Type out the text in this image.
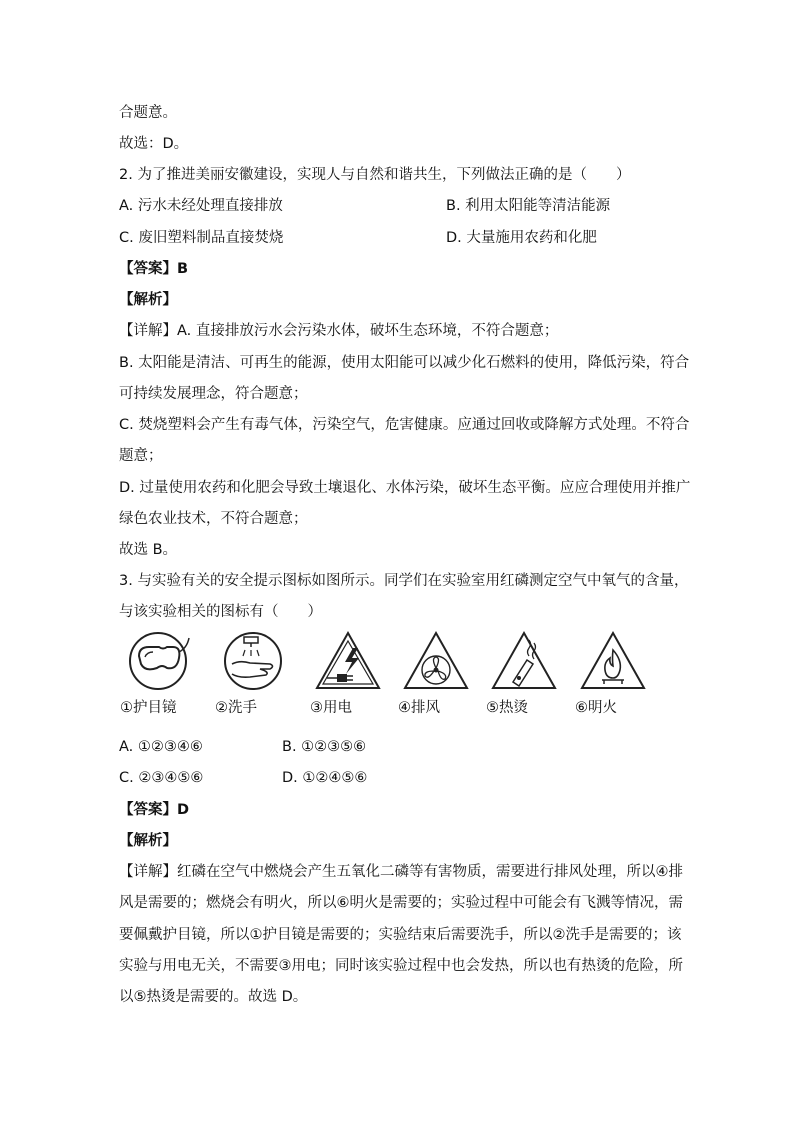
合题意。
故选：D。
2. 为了推进美丽安徽建设，实现人与自然和谐共生，下列做法正确的是（　　）
A. 污水未经处理直接排放	B. 利用太阳能等清洁能源
C. 废旧塑料制品直接焚烧	D. 大量施用农药和化肥
【答案】B
【解析】
【详解】A. 直接排放污水会污染水体，破坏生态环境，不符合题意；
B. 太阳能是清洁、可再生的能源，使用太阳能可以减少化石燃料的使用，降低污染，符合
可持续发展理念，符合题意；
C. 焚烧塑料会产生有毒气体，污染空气，危害健康。应通过回收或降解方式处理。不符合
题意；
D. 过量使用农药和化肥会导致土壤退化、水体污染，破坏生态平衡。应应合理使用并推广
绿色农业技术，不符合题意；
故选 B。
3. 与实验有关的安全提示图标如图所示。同学们在实验室用红磷测定空气中氧气的含量，
与该实验相关的图标有（　　）
①护目镜	②洗手	③用电	④排风	⑤热烫	⑥明火
A. ①②③④⑥	B. ①②③⑤⑥
C. ②③④⑤⑥	D. ①②④⑤⑥
【答案】D
【解析】
【详解】红磷在空气中燃烧会产生五氧化二磷等有害物质，需要进行排风处理，所以④排
风是需要的；燃烧会有明火，所以⑥明火是需要的；实验过程中可能会有飞溅等情况，需
要佩戴护目镜，所以①护目镜是需要的；实验结束后需要洗手，所以②洗手是需要的；该
实验与用电无关，不需要③用电；同时该实验过程中也会发热，所以也有热烫的危险，所
以⑤热烫是需要的。故选 D。
